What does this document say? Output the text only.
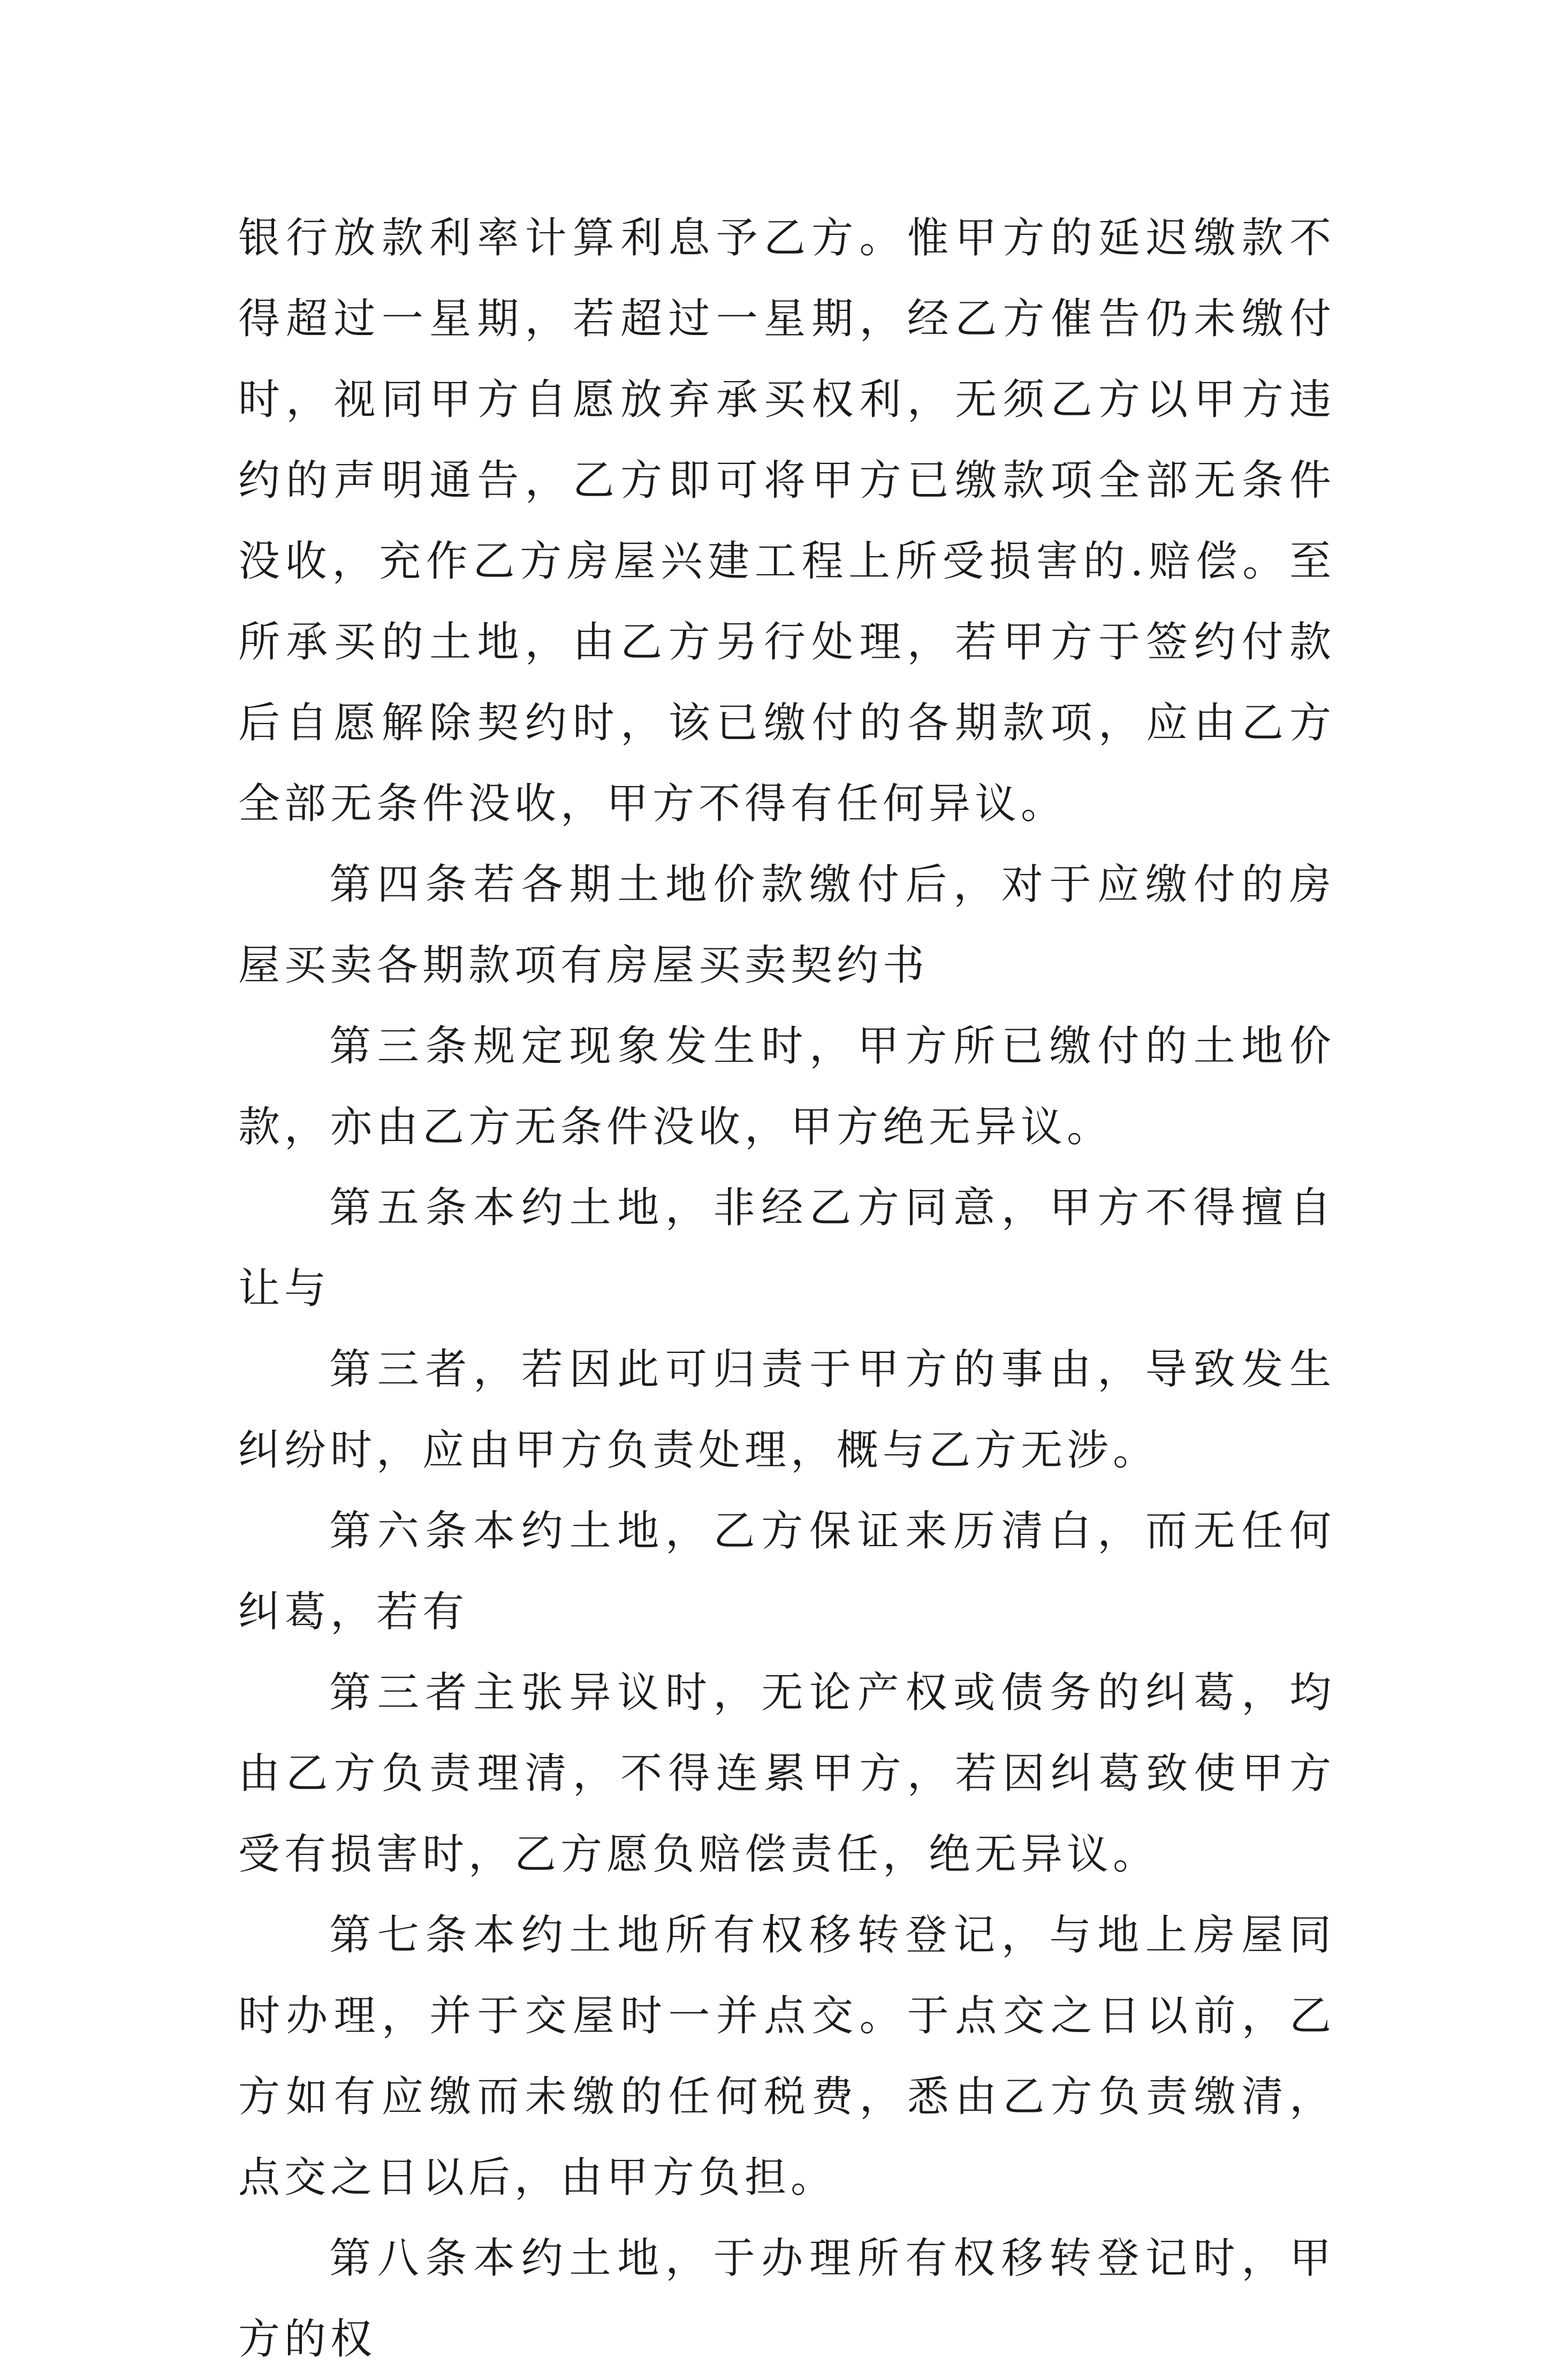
银行放款利率计算利息予乙方。惟甲方的延迟缴款不得超过一星期，若超过一星期，经乙方催告仍未缴付时，视同甲方自愿放弃承买权利，无须乙方以甲方违约的声明通告，乙方即可将甲方已缴款项全部无条件没收，充作乙方房屋兴建工程上所受损害的.赔偿。至所承买的土地，由乙方另行处理，若甲方于签约付款后自愿解除契约时，该已缴付的各期款项，应由乙方全部无条件没收，甲方不得有任何异议。

第四条若各期土地价款缴付后，对于应缴付的房屋买卖各期款项有房屋买卖契约书

第三条规定现象发生时，甲方所已缴付的土地价款，亦由乙方无条件没收，甲方绝无异议。

第五条本约土地，非经乙方同意，甲方不得擅自让与

第三者，若因此可归责于甲方的事由，导致发生纠纷时，应由甲方负责处理，概与乙方无涉。

第六条本约土地，乙方保证来历清白，而无任何纠葛，若有

第三者主张异议时，无论产权或债务的纠葛，均由乙方负责理清，不得连累甲方，若因纠葛致使甲方受有损害时，乙方愿负赔偿责任，绝无异议。

第七条本约土地所有权移转登记，与地上房屋同时办理，并于交屋时一并点交。于点交之日以前，乙方如有应缴而未缴的任何税费，悉由乙方负责缴清，点交之日以后，由甲方负担。

第八条本约土地，于办理所有权移转登记时，甲方的权
